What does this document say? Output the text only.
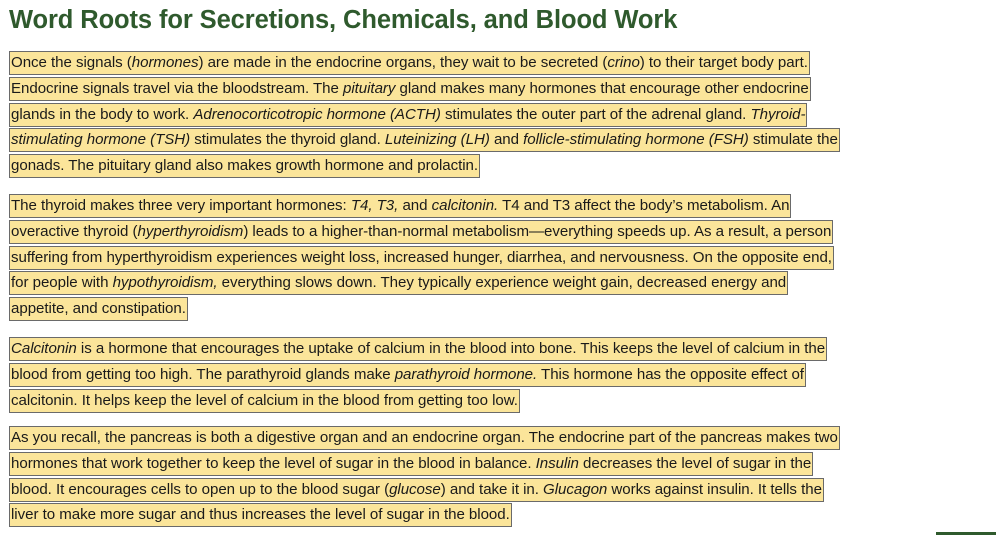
Word Roots for Secretions, Chemicals, and Blood Work

Once the signals (hormones) are made in the endocrine organs, they wait to be secreted (crino) to their target body part.
Endocrine signals travel via the bloodstream. The pituitary gland makes many hormones that encourage other endocrine
glands in the body to work. Adrenocorticotropic hormone (ACTH) stimulates the outer part of the adrenal gland. Thyroid-
stimulating hormone (TSH) stimulates the thyroid gland. Luteinizing (LH) and follicle-stimulating hormone (FSH) stimulate the
gonads. The pituitary gland also makes growth hormone and prolactin.

The thyroid makes three very important hormones: T4, T3, and calcitonin. T4 and T3 affect the body’s metabolism. An
overactive thyroid (hyperthyroidism) leads to a higher-than-normal metabolism—everything speeds up. As a result, a person
suffering from hyperthyroidism experiences weight loss, increased hunger, diarrhea, and nervousness. On the opposite end,
for people with hypothyroidism, everything slows down. They typically experience weight gain, decreased energy and
appetite, and constipation.

Calcitonin is a hormone that encourages the uptake of calcium in the blood into bone. This keeps the level of calcium in the
blood from getting too high. The parathyroid glands make parathyroid hormone. This hormone has the opposite effect of
calcitonin. It helps keep the level of calcium in the blood from getting too low.

As you recall, the pancreas is both a digestive organ and an endocrine organ. The endocrine part of the pancreas makes two
hormones that work together to keep the level of sugar in the blood in balance. Insulin decreases the level of sugar in the
blood. It encourages cells to open up to the blood sugar (glucose) and take it in. Glucagon works against insulin. It tells the
liver to make more sugar and thus increases the level of sugar in the blood.
